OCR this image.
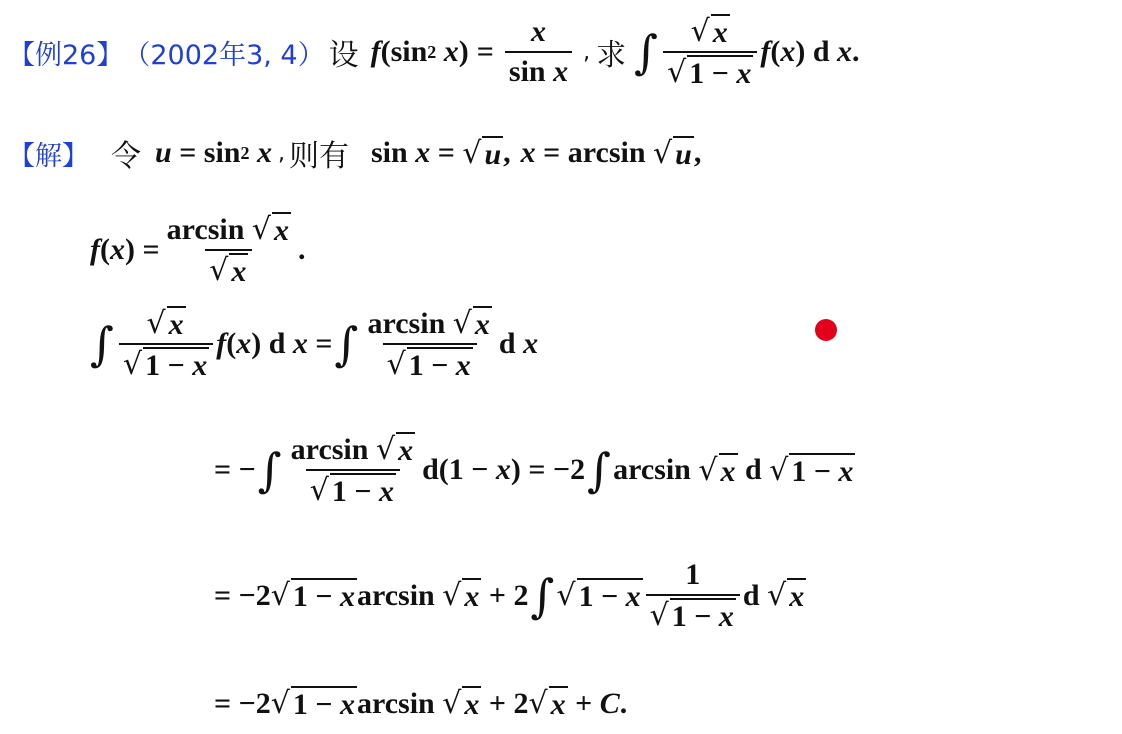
【例26】 （2002年3, 4） 设 f ( sin 2
x ) = $\frac{x}{\text{sin x}}$ , 求 ∫ $\frac{√ x}{√ 1 - x}$ f ( x )
d
x .
【解】 令 u
=
sin 2
x , 则有 sin
x
=
√ u , x
=
arcsin
√ u ,
f ( x )
= $\frac{\arcsin √ x}{√ x}$ .
∫ $\frac{√ x}{√ 1 - x}$ f ( x )
d
x
= ∫ $\frac{\arcsin √ x}{√ 1 - x}$ d
x
= − ∫ $\frac{\arcsin √ x}{√ 1 - x}$ d ( 1 −
x )
=
−2 ∫ arcsin
√ x
d
√ 1 − x
= − 2 √ 1 − x arcsin
√ x
+ 2 ∫ √ 1 − x $\frac{1}{√ 1 - x}$ d
√ x
=
−2 √ 1 − x arcsin
√ x
+ 2 √ x
+
C .
